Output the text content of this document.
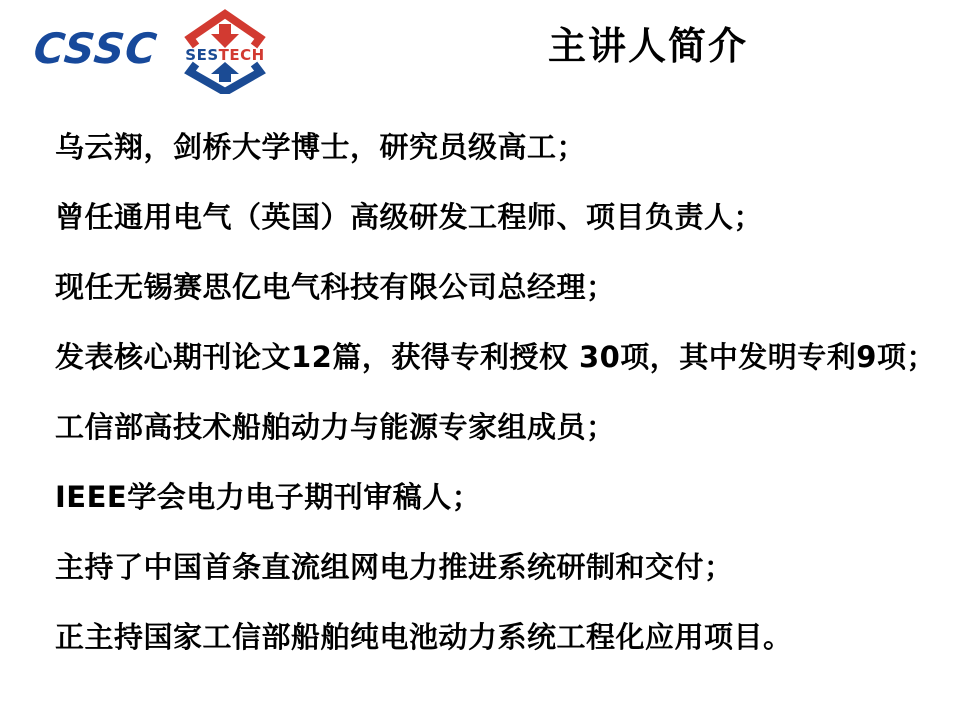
CSSC	SESTECH	主讲人简介
乌云翔，剑桥大学博士，研究员级高工；
曾任通用电气（英国）高级研发工程师、项目负责人；
现任无锡赛思亿电气科技有限公司总经理；
发表核心期刊论文12篇，获得专利授权 30项，其中发明专利9项；
工信部高技术船舶动力与能源专家组成员；
IEEE学会电力电子期刊审稿人；
主持了中国首条直流组网电力推进系统研制和交付；
正主持国家工信部船舶纯电池动力系统工程化应用项目。
